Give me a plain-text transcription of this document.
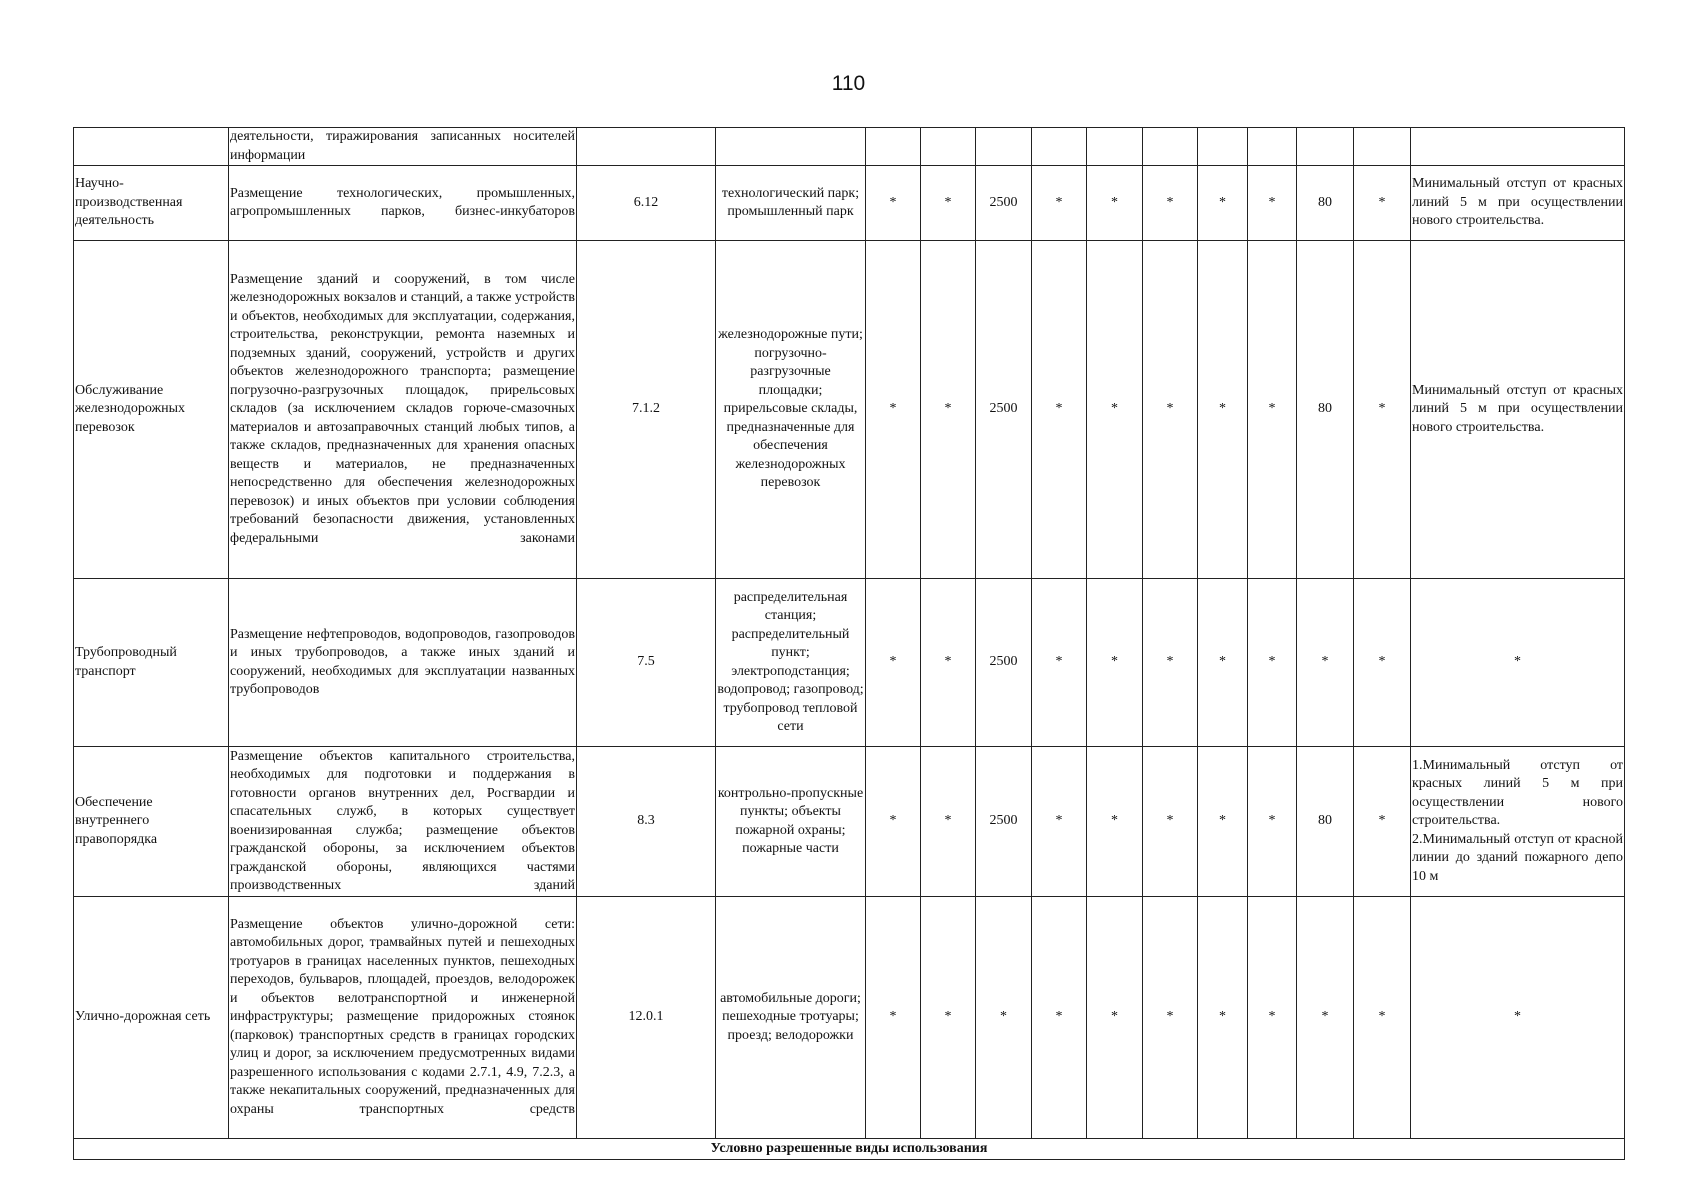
110
	деятельности, тиражирования записанных носителей информации													
Научно-производственная деятельность	Размещение технологических, промышленных, агропромышленных парков, бизнес-инкубаторов	6.12	технологический парк; промышленный парк	*	*	2500	*	*	*	*	*	80	*	Минимальный отступ от красных линий 5 м при осуществлении нового строительства.
Обслуживание железнодорожных перевозок	Размещение зданий и сооружений, в том числе железнодорожных вокзалов и станций, а также устройств и объектов, необходимых для эксплуатации, содержания, строительства, реконструкции, ремонта наземных и подземных зданий, сооружений, устройств и других объектов железнодорожного транспорта; размещение погрузочно-разгрузочных площадок, прирельсовых складов (за исключением складов горюче-смазочных материалов и автозаправочных станций любых типов, а также складов, предназначенных для хранения опасных веществ и материалов, не предназначенных непосредственно для обеспечения железнодорожных перевозок) и иных объектов при условии соблюдения требований безопасности движения, установленных федеральными законами	7.1.2	железнодорожные пути; погрузочно-разгрузочные площадки; прирельсовые склады, предназначенные для обеспечения железнодорожных перевозок	*	*	2500	*	*	*	*	*	80	*	Минимальный отступ от красных линий 5 м при осуществлении нового строительства.
Трубопроводный транспорт	Размещение нефтепроводов, водопроводов, газопроводов и иных трубопроводов, а также иных зданий и сооружений, необходимых для эксплуатации названных трубопроводов	7.5	распределительная станция; распределительный пункт; электроподстанция; водопровод; газопровод; трубопровод тепловой сети	*	*	2500	*	*	*	*	*	*	*	*
Обеспечение внутреннего правопорядка	Размещение объектов капитального строительства, необходимых для подготовки и поддержания в готовности органов внутренних дел, Росгвардии и спасательных служб, в которых существует военизированная служба; размещение объектов гражданской обороны, за исключением объектов гражданской обороны, являющихся частями производственных зданий	8.3	контрольно-пропускные пункты; объекты пожарной охраны; пожарные части	*	*	2500	*	*	*	*	*	80	*	1.Минимальный отступ от красных линий 5 м при осуществлении нового строительства.
2.Минимальный отступ от красной линии до зданий пожарного депо 10 м
Улично-дорожная сеть	Размещение объектов улично-дорожной сети: автомобильных дорог, трамвайных путей и пешеходных тротуаров в границах населенных пунктов, пешеходных переходов, бульваров, площадей, проездов, велодорожек и объектов велотранспортной и инженерной инфраструктуры; размещение придорожных стоянок (парковок) транспортных средств в границах городских улиц и дорог, за исключением предусмотренных видами разрешенного использования с кодами 2.7.1, 4.9, 7.2.3, а также некапитальных сооружений, предназначенных для охраны транспортных средств	12.0.1	автомобильные дороги; пешеходные тротуары; проезд; велодорожки	*	*	*	*	*	*	*	*	*	*	*
Условно разрешенные виды использования														
